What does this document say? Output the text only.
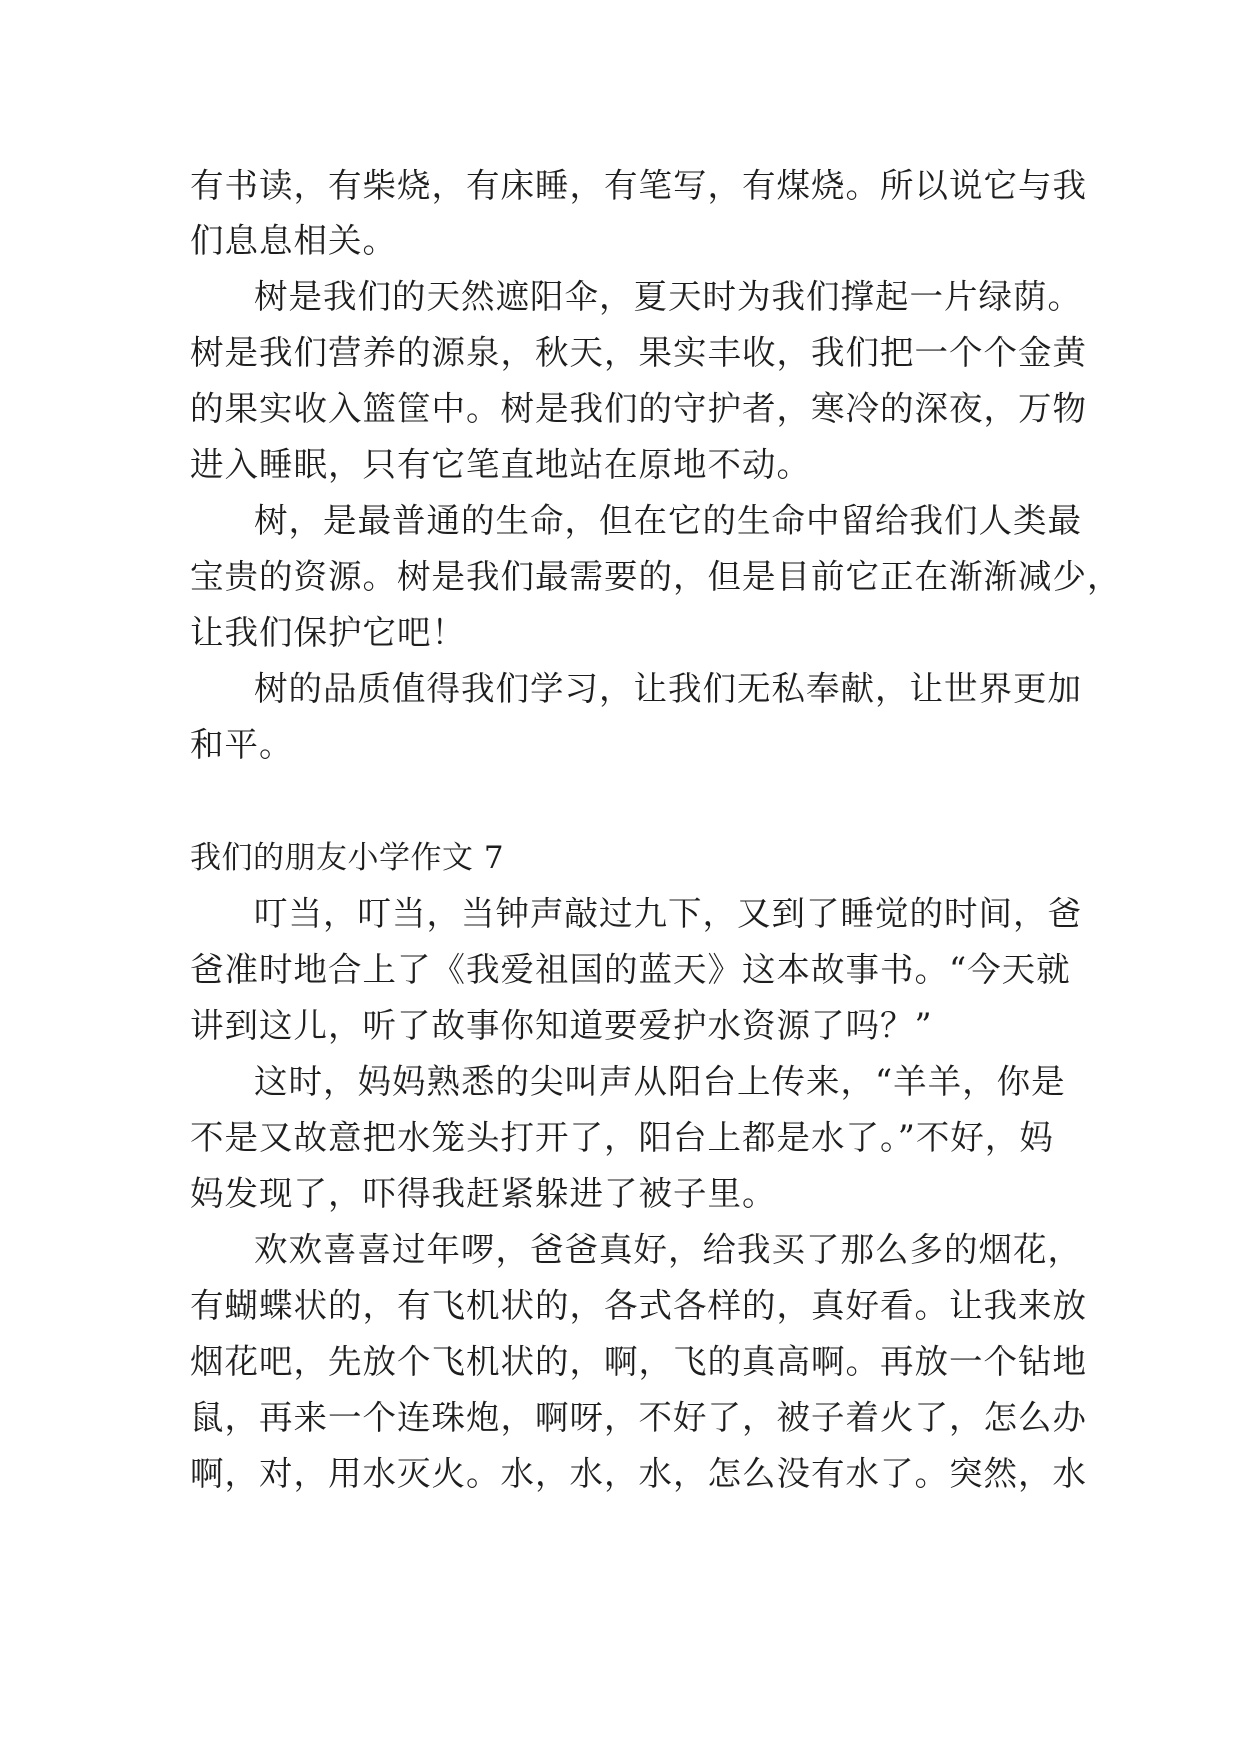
有书读，有柴烧，有床睡，有笔写，有煤烧。所以说它与我
们息息相关。
树是我们的天然遮阳伞，夏天时为我们撑起一片绿荫。
树是我们营养的源泉，秋天，果实丰收，我们把一个个金黄
的果实收入篮筐中。树是我们的守护者，寒冷的深夜，万物
进入睡眠，只有它笔直地站在原地不动。
树，是最普通的生命，但在它的生命中留给我们人类最
宝贵的资源。树是我们最需要的，但是目前它正在渐渐减少，
让我们保护它吧！
树的品质值得我们学习，让我们无私奉献，让世界更加
和平。
我们的朋友小学作文 7
叮当，叮当，当钟声敲过九下，又到了睡觉的时间，爸
爸准时地合上了《我爱祖国的蓝天》这本故事书。“今天就
讲到这儿，听了故事你知道要爱护水资源了吗？”
这时，妈妈熟悉的尖叫声从阳台上传来，“羊羊，你是
不是又故意把水笼头打开了，阳台上都是水了。”不好，妈
妈发现了，吓得我赶紧躲进了被子里。
欢欢喜喜过年啰，爸爸真好，给我买了那么多的烟花，
有蝴蝶状的，有飞机状的，各式各样的，真好看。让我来放
烟花吧，先放个飞机状的，啊，飞的真高啊。再放一个钻地
鼠，再来一个连珠炮，啊呀，不好了，被子着火了，怎么办
啊，对，用水灭火。水，水，水，怎么没有水了。突然，水
